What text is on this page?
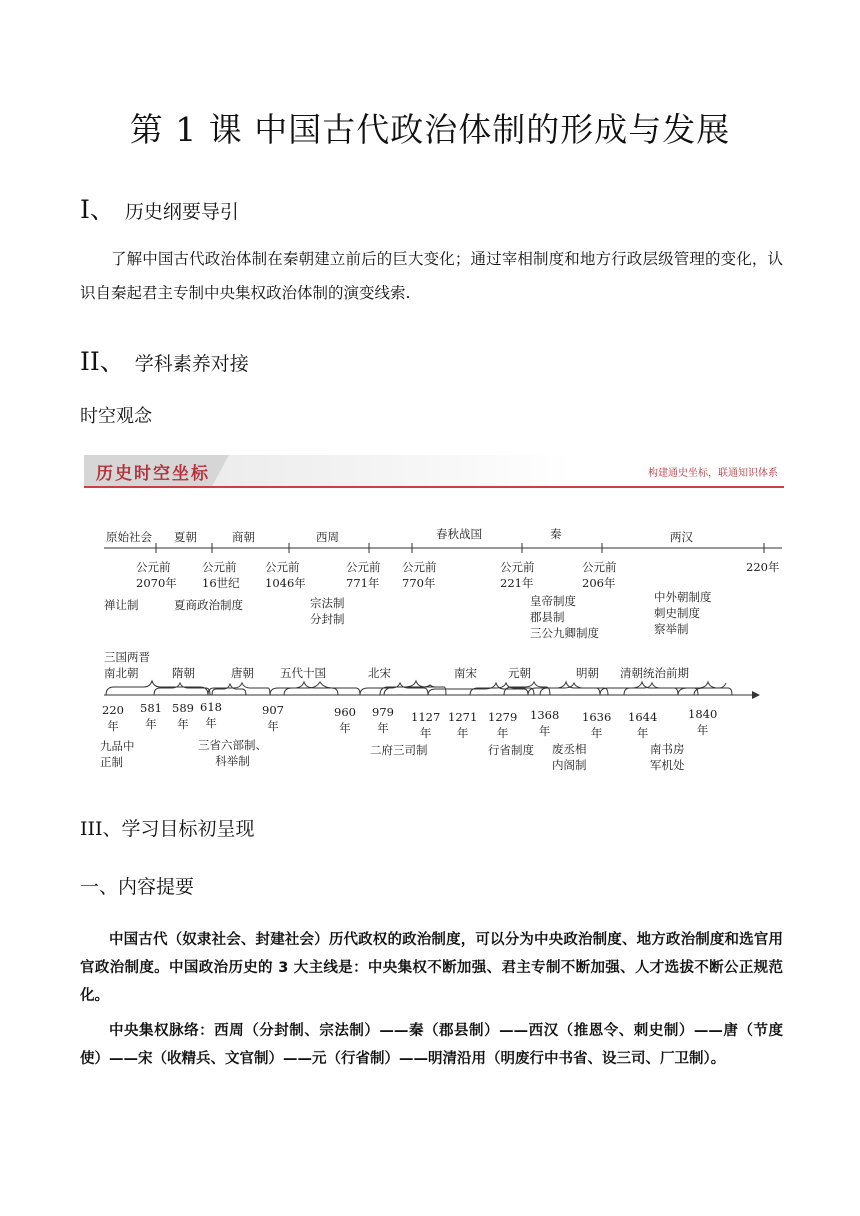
第 1 课 中国古代政治体制的形成与发展
I、 历史纲要导引
了解中国古代政治体制在秦朝建立前后的巨大变化；通过宰相制度和地方行政层级管理的变化，认识自秦起君主专制中央集权政治体制的演变线索.
II、 学科素养对接
时空观念
历史时空坐标	构建通史坐标，联通知识体系
原始社会 夏朝	商朝	西周	春秋战国	秦	两汉
公元前
2070年
公元前
16世纪
公元前
1046年
公元前
771年
公元前
770年
公元前
221年
公元前
206年
220年
禅让制	夏商政治制度	宗法制
分封制
皇帝制度
郡县制
三公九卿制度
中外朝制度
刺史制度
察举制
三国两晋
南北朝	隋朝	唐朝 五代十国	北宋	南宋	元朝	明朝 清朝统治前期
220
年
581
年
589
年
618
年
907
年
960
年
979
年
1127
年
1271
年
1279
年
1368
年
1636
年
1644
年
1840
年
九品中
正制
三省六部制、
科举制
二府三司制	行省制度 废丞相
内阁制
南书房
军机处
III、学习目标初呈现
一、内容提要
中国古代（奴隶社会、封建社会）历代政权的政治制度，可以分为中央政治制度、地方政治制度和选官用官政治制度。中国政治历史的 3 大主线是：中央集权不断加强、君主专制不断加强、人才选拔不断公正规范化。
中央集权脉络：西周（分封制、宗法制）——秦（郡县制）——西汉（推恩令、刺史制）——唐（节度使）——宋（收精兵、文官制）——元（行省制）——明清沿用（明废行中书省、设三司、厂卫制）。
